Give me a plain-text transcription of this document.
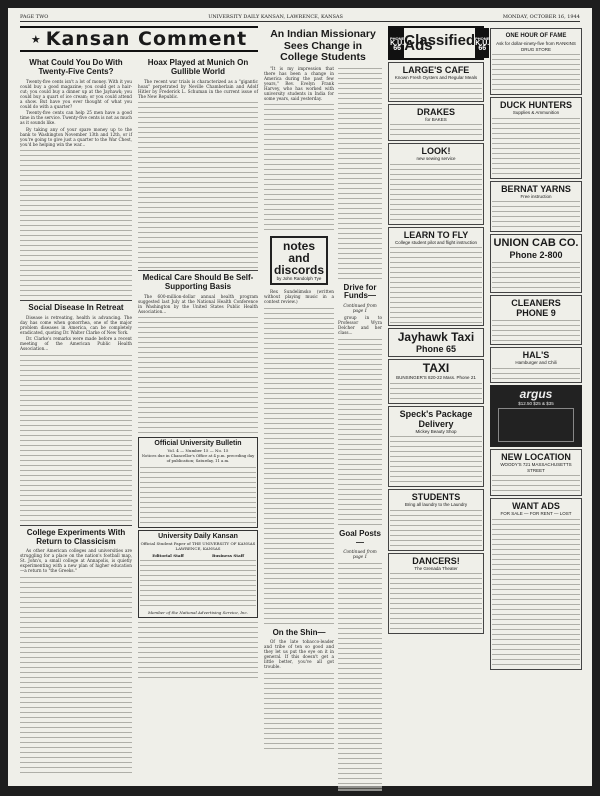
PAGE TWO	UNIVERSITY DAILY KANSAN, LAWRENCE, KANSAS	MONDAY, OCTOBER 16, 1944
★ Kansan Comment
What Could You Do With Twenty-Five Cents?

Twenty-five cents isn't a lot of money. With it you could buy a good magazine; you could get a hair-cut; you could buy a dinner up at the Jayhawk; you could buy a quart of ice cream; or you could attend a show. But have you ever thought of what you could do with a quarter?

Twenty-five cents can help 25 men have a good time in the service. Twenty-five cents is not as much as it sounds like.

By taking any of your spare money up to the bank to Washington November 13th and 12th, or if you're going to give just a quarter to the War Chest, you'd be helping win the war...

Social Disease In Retreat

Disease is retreating, health is advancing. The day has come when gonorrhea, one of the major problem diseases in America, can be completely eradicated, quoting Dr. Walter Clarke of New York.

Dr. Clarke's remarks were made before a recent meeting of the American Public Health Association...

College Experiments With Return to Classicism

As other American colleges and universities are struggling for a place on the nation's football map, St. John's, a small college at Annapolis, is quietly experimenting with a new plan of higher education—a return to "the Greeks."

Hoax Played at Munich On Gullible World

The recent war trials is characterized as a "gigantic hoax" perpetrated by Neville Chamberlain and Adolf Hitler by Frederick L. Schuman in the current issue of The New Republic.

Medical Care Should Be Self-Supporting Basis

The 600-million-dollar annual health program suggested last July at the National Health Conference in Washington by the United States Public Health Association...

Official University Bulletin
Vol. 4 — Number 15 — No. 15
Notices due in Chancellor's Office at 4 p.m. preceding day of publication; Saturday, 11 a.m.
University Daily Kansan
Official Student Paper of THE UNIVERSITY OF KANSAS LAWRENCE, KANSAS
Editorial Staff	Business Staff
Member of the National Advertising Service, Inc.
An Indian Missionary Sees Change in College Students

"It is my impression that there has been a change in America during the past few years," Rev. Evelyn Frank Harvey, who has worked with university students in India for some years, said yesterday.

notes and discords
by John Randolph Tye

Rex Sundelimsko (written without playing music in a contest review.)

On the Shin—

Of the late tobacco-leader and tribe of ten so good and they let us put the eye on it in general. If this doesn't get a little better, you've all got trouble.

Drive for Funds—
Continued from page 1

group in to Professor Wyra Delcher and her class...

Goal Posts—
Continued from page 1
PHONE
K.U. 66 Classified Ads	PHONE
K.U. 66
LARGE'S CAFE
Known Fresh Oysters and Regular Meals
DRAKES
for BAKES
LOOK!
new sewing service
LEARN TO FLY
College student pilot and flight instruction
Jayhawk Taxi
Phone 65
TAXI
BUNSINGER'S 820-22 Mass. Phone 21
Speck's Package Delivery
Mickey Beauty Shop
STUDENTS
Bring all laundry to the Laundry
DANCERS!
The Grenada Theater
ONE HOUR OF FAME
Ask for dollar-ninety-five from RANKINS DRUG STORE
DUCK HUNTERS
Supplies & Ammunition
BERNAT YARNS
Free instruction
UNION CAB CO.
Phone 2-800
CLEANERS
PHONE 9
HAL'S
Hamburger and Chili
argus
$12.50 $25 & $35
NEW LOCATION
WOODY'S 721 MASSACHUSETTS STREET
WANT ADS
FOR SALE — FOR RENT — LOST
